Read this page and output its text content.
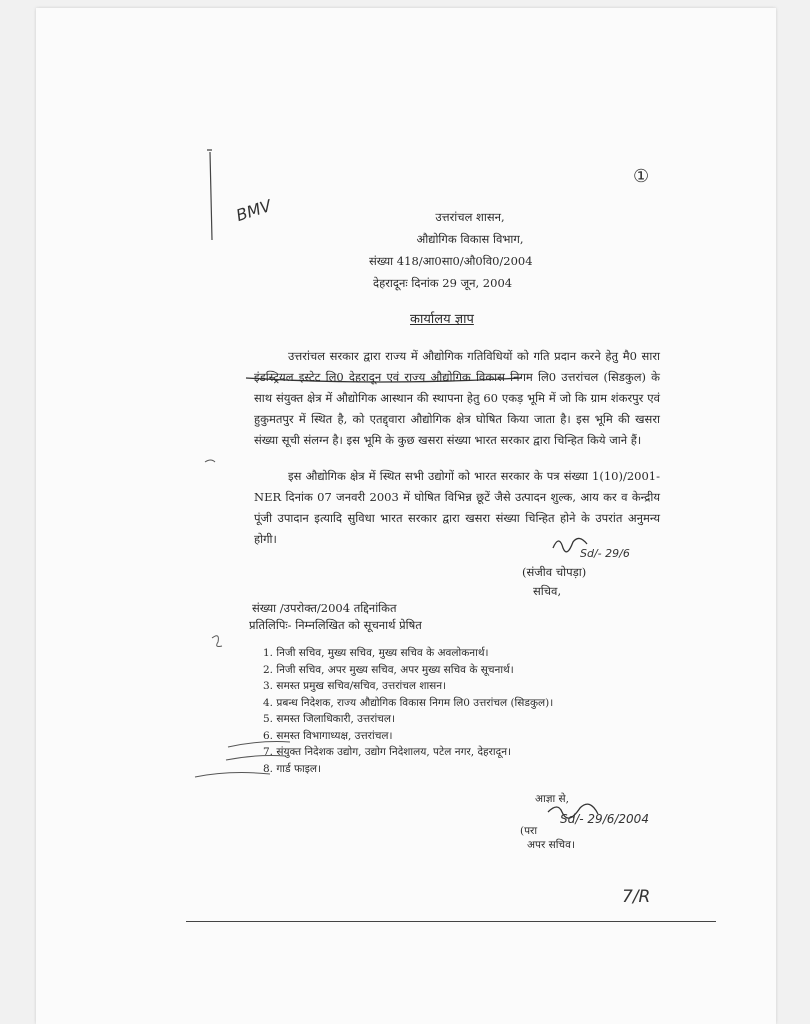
BMV
①
7/R
उत्तरांचल शासन,
औद्योगिक विकास विभाग,
संख्या 418/आ0सा0/औ0वि0/2004
देहरादूनः दिनांक 29 जून, 2004
कार्यालय ज्ञाप

उत्तरांचल सरकार द्वारा राज्य में औद्योगिक गतिविधियों को गति प्रदान करने हेतु मै0 सारा इंडस्ट्रियल इस्टेट लि0 देहरादून एवं राज्य औद्योगिक विकास निगम लि0 उत्तरांचल (सिडकुल) के साथ संयुक्त क्षेत्र में औद्योगिक आस्थान की स्थापना हेतु 60 एकड़ भूमि में जो कि ग्राम शंकरपुर एवं हुकुमतपुर में स्थित है, को एतद्द्वारा औद्योगिक क्षेत्र घोषित किया जाता है। इस भूमि की खसरा संख्या सूची संलग्न है। इस भूमि के कुछ खसरा संख्या भारत सरकार द्वारा चिन्हित किये जाने हैं।

इस औद्योगिक क्षेत्र में स्थित सभी उद्योगों को भारत सरकार के पत्र संख्या 1(10)/2001-NER दिनांक 07 जनवरी 2003 में घोषित विभिन्न छूटें जैसे उत्पादन शुल्क, आय कर व केन्द्रीय पूंजी उपादान इत्यादि सुविधा भारत सरकार द्वारा खसरा संख्या चिन्हित होने के उपरांत अनुमन्य होगी।

Sd/- 29/6
(संजीव चोपड़ा)
सचिव,
संख्या /उपरोक्त/2004 तद्दिनांकित
प्रतिलिपिः- निम्नलिखित को सूचनार्थ प्रेषित
1. निजी सचिव, मुख्य सचिव, मुख्य सचिव के अवलोकनार्थ।
2. निजी सचिव, अपर मुख्य सचिव, अपर मुख्य सचिव के सूचनार्थ।
3. समस्त प्रमुख सचिव/सचिव, उत्तरांचल शासन।
4. प्रबन्ध निदेशक, राज्य औद्योगिक विकास निगम लि0 उत्तरांचल (सिडकुल)।
5. समस्त जिलाधिकारी, उत्तरांचल।
6. समस्त विभागाध्यक्ष, उत्तरांचल।
7. संयुक्त निदेशक उद्योग, उद्योग निदेशालय, पटेल नगर, देहरादून।
8. गार्ड फाइल।
आज्ञा से,
Sd/- 29/6/2004
(परा
अपर सचिव।
